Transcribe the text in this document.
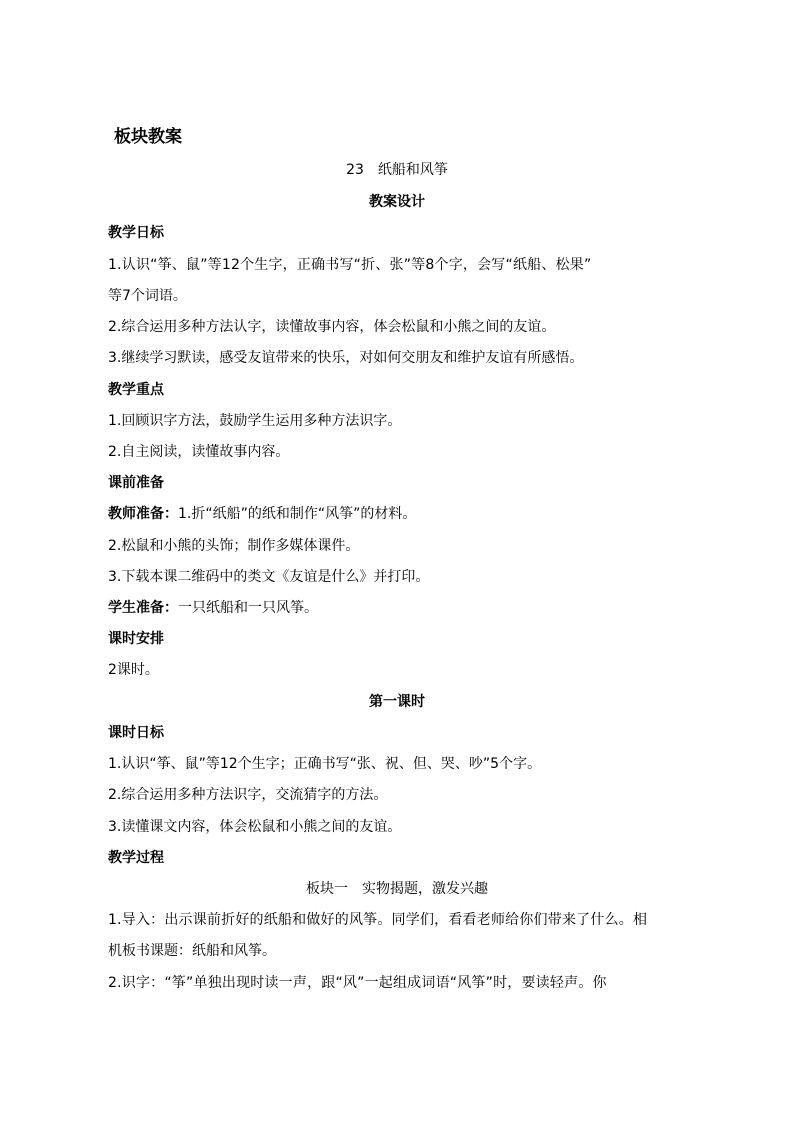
板块教案
23　纸船和风筝
教案设计
教学日标
1.认识“筝、鼠”等12个生字，正确书写“折、张”等8个字，会写“纸船、松果”
等7个词语。
2.综合运用多种方法认字，读懂故事内容，体会松鼠和小熊之间的友谊。
3.继续学习默读，感受友谊带来的快乐，对如何交朋友和维护友谊有所感悟。
教学重点
1.回顾识字方法，鼓励学生运用多种方法识字。
2.自主阅读，读懂故事内容。
课前准备
教师准备：1.折“纸船”的纸和制作“风筝”的材料。
2.松鼠和小熊的头饰；制作多媒体课件。
3.下载本课二维码中的类文《友谊是什么》并打印。
学生准备：一只纸船和一只风筝。
课时安排
2课时。
第一课时
课时日标
1.认识“筝、鼠”等12个生字；正确书写“张、祝、但、哭、吵”5个字。
2.综合运用多种方法识字，交流猜字的方法。
3.读懂课文内容，体会松鼠和小熊之间的友谊。
教学过程
板块一　实物揭题，激发兴趣
1.导入：出示课前折好的纸船和做好的风筝。同学们，看看老师给你们带来了什么。相
机板书课题：纸船和风筝。
2.识字：“筝”单独出现时读一声，跟“风”一起组成词语“风筝”时，要读轻声。你
